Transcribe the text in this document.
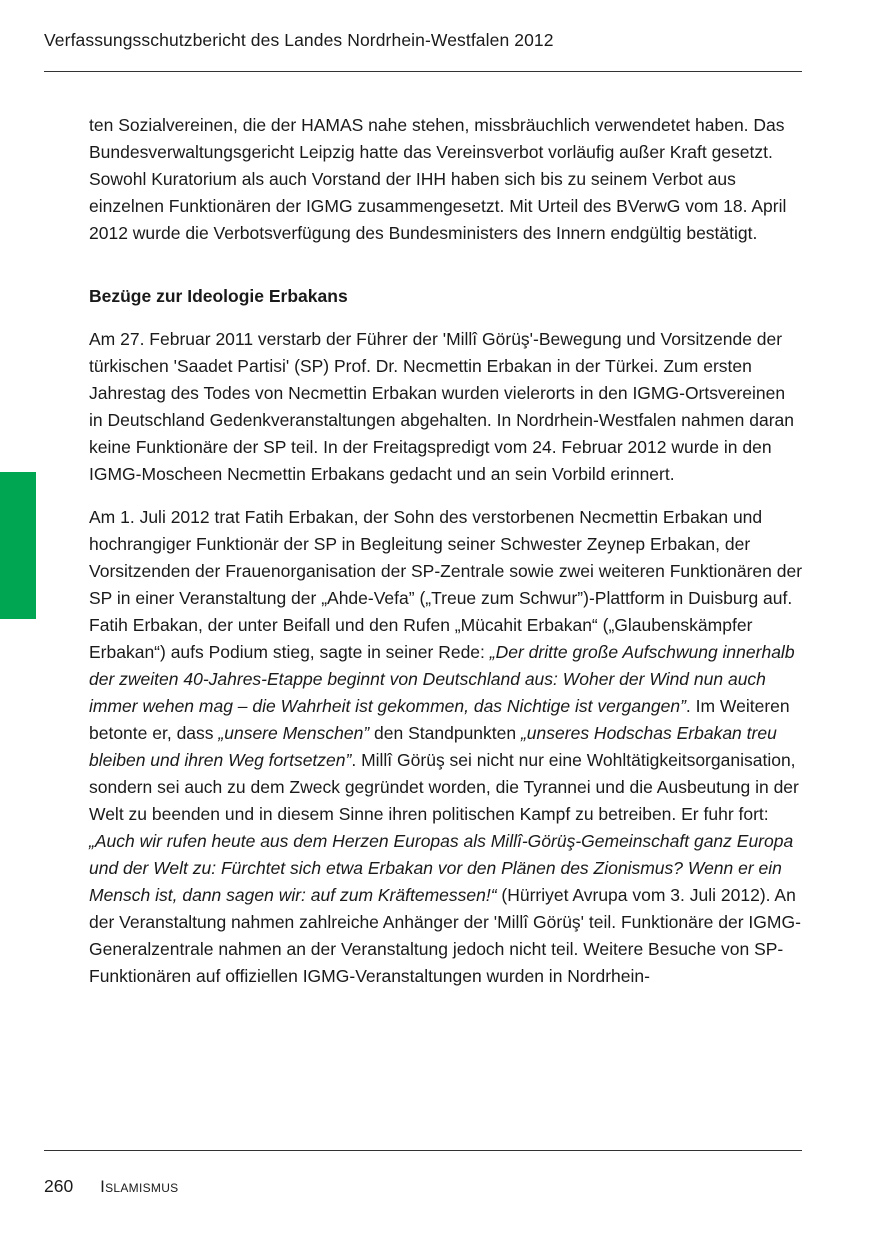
Verfassungsschutzbericht des Landes Nordrhein-Westfalen 2012

ten Sozialvereinen, die der HAMAS nahe stehen, missbräuchlich verwendetet haben. Das Bundesverwaltungsgericht Leipzig hatte das Vereinsverbot vorläufig außer Kraft gesetzt. Sowohl Kuratorium als auch Vorstand der IHH haben sich bis zu seinem Verbot aus einzelnen Funktionären der IGMG zusammengesetzt. Mit Urteil des BVerwG vom 18. April 2012 wurde die Verbotsverfügung des Bundesministers des Innern endgültig bestätigt.

Bezüge zur Ideologie Erbakans

Am 27. Februar 2011 verstarb der Führer der 'Millî Görüş'-Bewegung und Vorsitzende der türkischen 'Saadet Partisi' (SP) Prof. Dr. Necmettin Erbakan in der Türkei. Zum ersten Jahrestag des Todes von Necmettin Erbakan wurden vielerorts in den IGMG-Ortsvereinen in Deutschland Gedenkveranstaltungen abgehalten. In Nordrhein-Westfalen nahmen daran keine Funktionäre der SP teil. In der Freitagspredigt vom 24. Februar 2012 wurde in den IGMG-Moscheen Necmettin Erbakans gedacht und an sein Vorbild erinnert.

Am 1. Juli 2012 trat Fatih Erbakan, der Sohn des verstorbenen Necmettin Erbakan und hochrangiger Funktionär der SP in Begleitung seiner Schwester Zeynep Erbakan, der Vorsitzenden der Frauenorganisation der SP-Zentrale sowie zwei weiteren Funktionären der SP in einer Veranstaltung der „Ahde-Vefa” („Treue zum Schwur”)-Plattform in Duisburg auf. Fatih Erbakan, der unter Beifall und den Rufen „Mücahit Erbakan“ („Glaubenskämpfer Erbakan“) aufs Podium stieg, sagte in seiner Rede: „Der dritte große Aufschwung innerhalb der zweiten 40-Jahres-Etappe beginnt von Deutschland aus: Woher der Wind nun auch immer wehen mag – die Wahrheit ist gekommen, das Nichtige ist vergangen”. Im Weiteren betonte er, dass „unsere Menschen” den Standpunkten „unseres Hodschas Erbakan treu bleiben und ihren Weg fortsetzen”. Millî Görüş sei nicht nur eine Wohltätigkeitsorganisation, sondern sei auch zu dem Zweck gegründet worden, die Tyrannei und die Ausbeutung in der Welt zu beenden und in diesem Sinne ihren politischen Kampf zu betreiben. Er fuhr fort: „Auch wir rufen heute aus dem Herzen Europas als Millî-Görüş-Gemeinschaft ganz Europa und der Welt zu: Fürchtet sich etwa Erbakan vor den Plänen des Zionismus? Wenn er ein Mensch ist, dann sagen wir: auf zum Kräftemessen!“ (Hürriyet Avrupa vom 3. Juli 2012). An der Veranstaltung nahmen zahlreiche Anhänger der 'Millî Görüş' teil. Funktionäre der IGMG-Generalzentrale nahmen an der Veranstaltung jedoch nicht teil. Weitere Besuche von SP-Funktionären auf offiziellen IGMG-Veranstaltungen wurden in Nordrhein-

260 Islamismus
